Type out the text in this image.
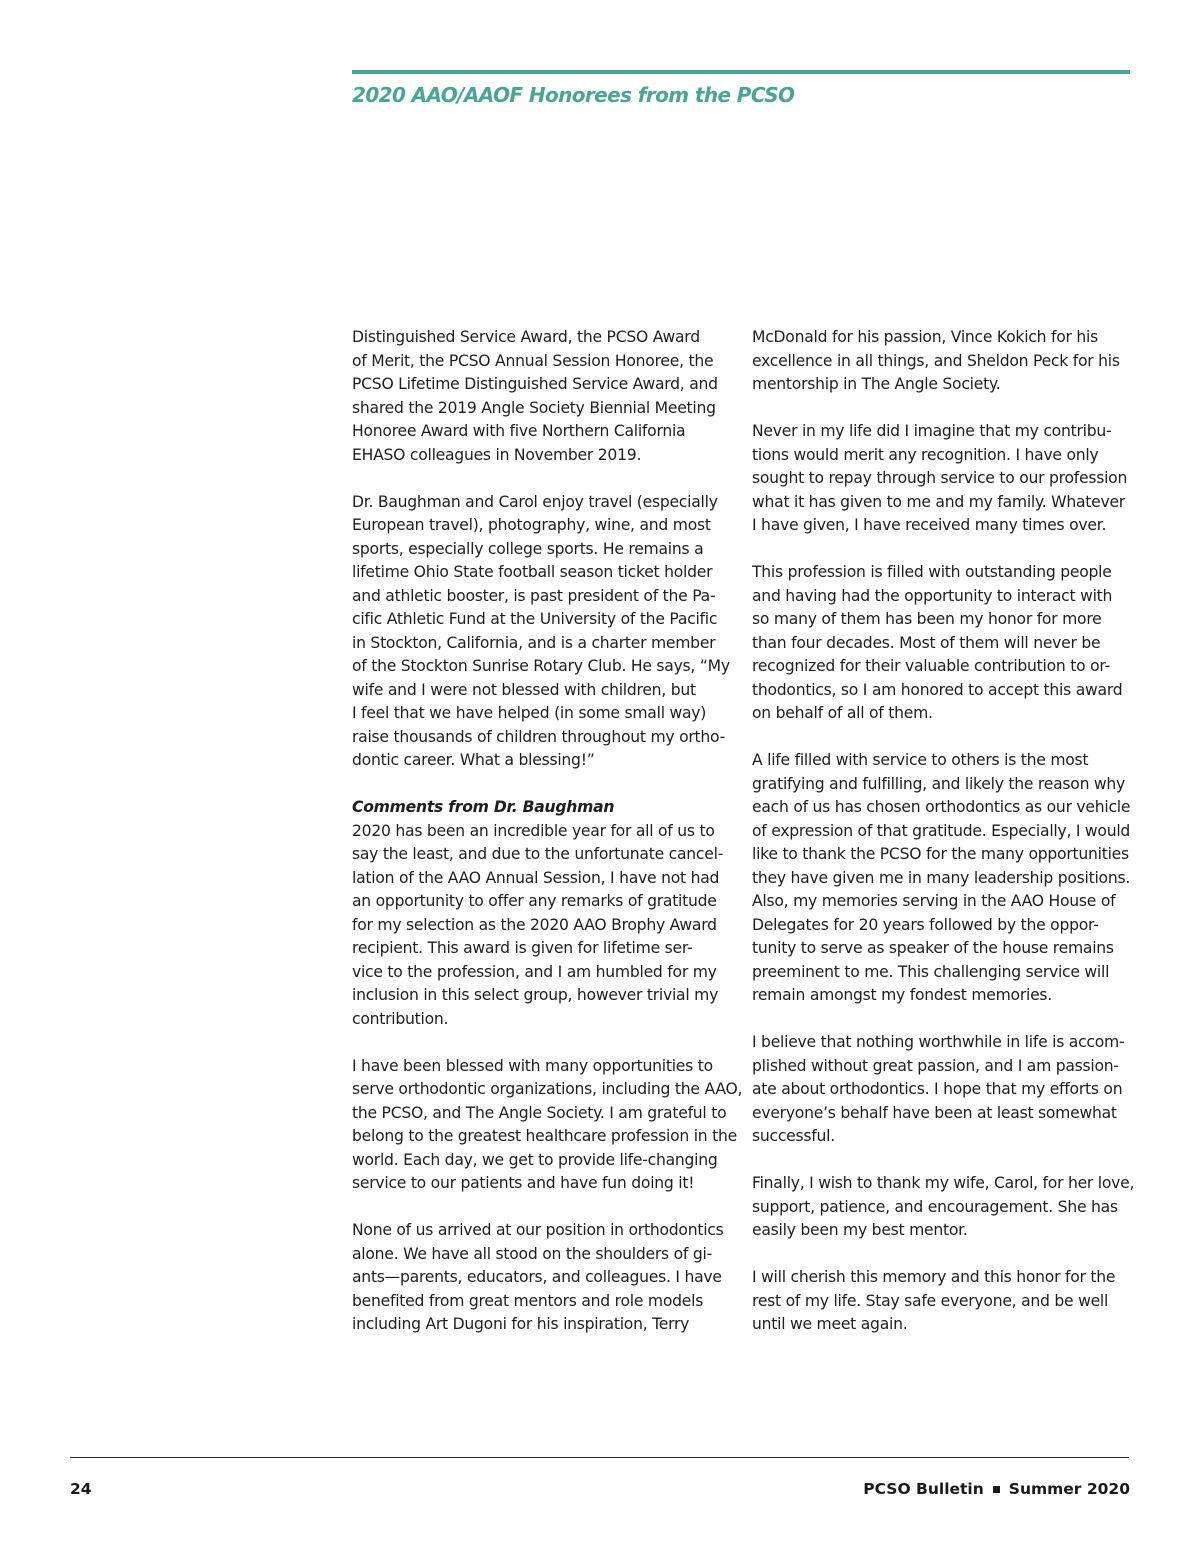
2020 AAO/AAOF Honorees from the PCSO

Distinguished Service Award, the PCSO Award
of Merit, the PCSO Annual Session Honoree, the
PCSO Lifetime Distinguished Service Award, and
shared the 2019 Angle Society Biennial Meeting
Honoree Award with five Northern California
EHASO colleagues in November 2019.

Dr. Baughman and Carol enjoy travel (especially
European travel), photography, wine, and most
sports, especially college sports. He remains a
lifetime Ohio State football season ticket holder
and athletic booster, is past president of the Pa-
cific Athletic Fund at the University of the Pacific
in Stockton, California, and is a charter member
of the Stockton Sunrise Rotary Club. He says, “My
wife and I were not blessed with children, but
I feel that we have helped (in some small way)
raise thousands of children throughout my ortho-
dontic career. What a blessing!”

Comments from Dr. Baughman
2020 has been an incredible year for all of us to
say the least, and due to the unfortunate cancel-
lation of the AAO Annual Session, I have not had
an opportunity to offer any remarks of gratitude
for my selection as the 2020 AAO Brophy Award
recipient. This award is given for lifetime ser-
vice to the profession, and I am humbled for my
inclusion in this select group, however trivial my
contribution.

I have been blessed with many opportunities to
serve orthodontic organizations, including the AAO,
the PCSO, and The Angle Society. I am grateful to
belong to the greatest healthcare profession in the
world. Each day, we get to provide life-changing
service to our patients and have fun doing it!

None of us arrived at our position in orthodontics
alone. We have all stood on the shoulders of gi-
ants—parents, educators, and colleagues. I have
benefited from great mentors and role models
including Art Dugoni for his inspiration, Terry

McDonald for his passion, Vince Kokich for his
excellence in all things, and Sheldon Peck for his
mentorship in The Angle Society.

Never in my life did I imagine that my contribu-
tions would merit any recognition. I have only
sought to repay through service to our profession
what it has given to me and my family. Whatever
I have given, I have received many times over.

This profession is filled with outstanding people
and having had the opportunity to interact with
so many of them has been my honor for more
than four decades. Most of them will never be
recognized for their valuable contribution to or-
thodontics, so I am honored to accept this award
on behalf of all of them.

A life filled with service to others is the most
gratifying and fulfilling, and likely the reason why
each of us has chosen orthodontics as our vehicle
of expression of that gratitude. Especially, I would
like to thank the PCSO for the many opportunities
they have given me in many leadership positions.
Also, my memories serving in the AAO House of
Delegates for 20 years followed by the oppor-
tunity to serve as speaker of the house remains
preeminent to me. This challenging service will
remain amongst my fondest memories.

I believe that nothing worthwhile in life is accom-
plished without great passion, and I am passion-
ate about orthodontics. I hope that my efforts on
everyone’s behalf have been at least somewhat
successful.

Finally, I wish to thank my wife, Carol, for her love,
support, patience, and encouragement. She has
easily been my best mentor.

I will cherish this memory and this honor for the
rest of my life. Stay safe everyone, and be well
until we meet again.

24	PCSO Bulletin Summer 2020
